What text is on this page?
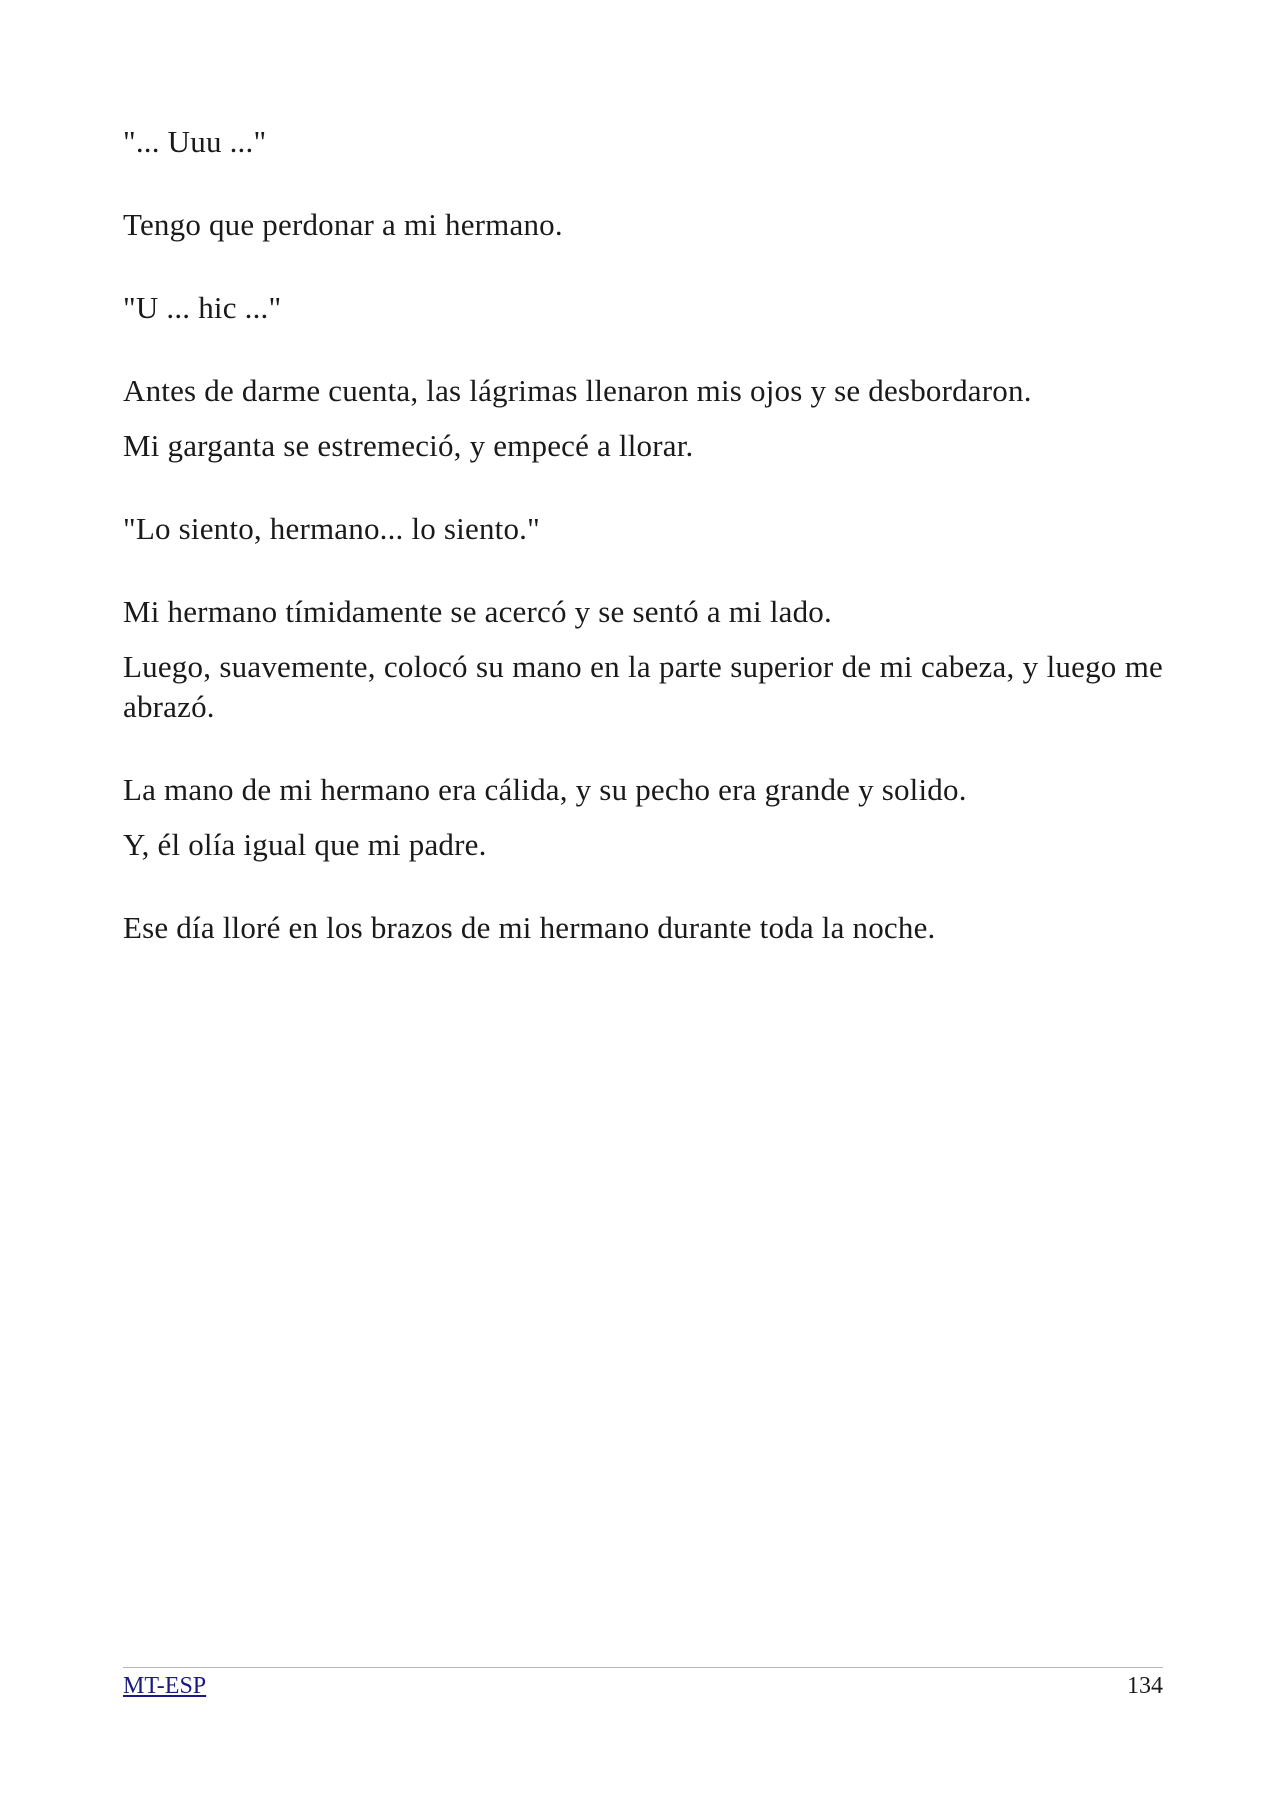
"... Uuu ..."

Tengo que perdonar a mi hermano.

"U ... hic ..."

Antes de darme cuenta, las lágrimas llenaron mis ojos y se desbordaron.

Mi garganta se estremeció, y empecé a llorar.

"Lo siento, hermano... lo siento."

Mi hermano tímidamente se acercó y se sentó a mi lado.

Luego, suavemente, colocó su mano en la parte superior de mi cabeza, y luego me abrazó.

La mano de mi hermano era cálida, y su pecho era grande y solido.

Y, él olía igual que mi padre.

Ese día lloré en los brazos de mi hermano durante toda la noche.

MT-ESP	134
